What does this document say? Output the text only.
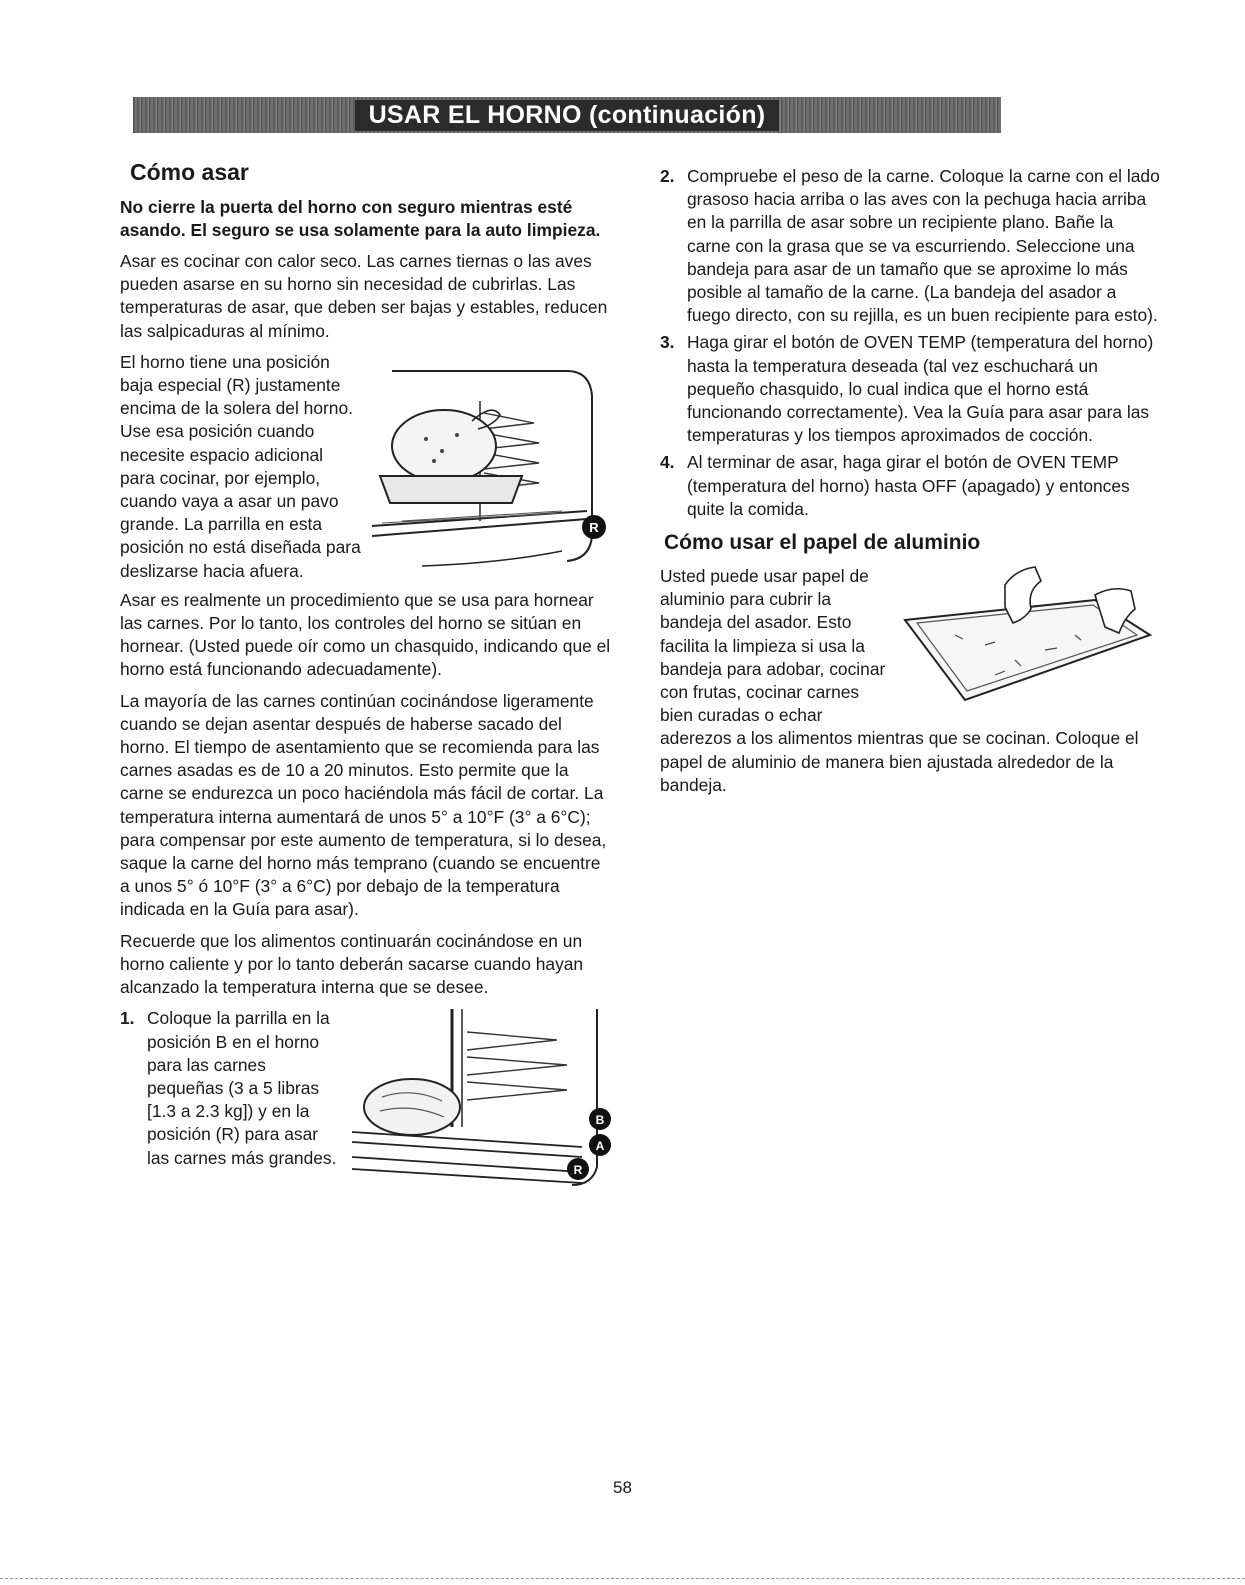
USAR EL HORNO (continuación)
Cómo asar

No cierre la puerta del horno con seguro mientras esté asando. El seguro se usa solamente para la auto limpieza.

Asar es cocinar con calor seco. Las carnes tiernas o las aves pueden asarse en su horno sin necesidad de cubrirlas. Las temperaturas de asar, que deben ser bajas y estables, reducen las salpicaduras al mínimo.

R

El horno tiene una posición baja especial (R) justamente encima de la solera del horno. Use esa posición cuando necesite espacio adicional para cocinar, por ejemplo, cuando vaya a asar un pavo grande. La parrilla en esta posición no está diseñada para deslizarse hacia afuera.

Asar es realmente un procedimiento que se usa para hornear las carnes. Por lo tanto, los controles del horno se sitúan en hornear. (Usted puede oír como un chasquido, indicando que el horno está funcionando adecuadamente).

La mayoría de las carnes continúan cocinándose ligeramente cuando se dejan asentar después de haberse sacado del horno. El tiempo de asentamiento que se recomienda para las carnes asadas es de 10 a 20 minutos. Esto permite que la carne se endurezca un poco haciéndola más fácil de cortar. La temperatura interna aumentará de unos 5° a 10°F (3° a 6°C); para compensar por este aumento de temperatura, si lo desea, saque la carne del horno más temprano (cuando se encuentre a unos 5° ó 10°F (3° a 6°C) por debajo de la temperatura indicada en la Guía para asar).

Recuerde que los alimentos continuarán cocinándose en un horno caliente y por lo tanto deberán sacarse cuando hayan alcanzado la temperatura interna que se desee.

1.
B
A
R

Coloque la parrilla en la posición B en el horno para las carnes pequeñas (3 a 5 libras [1.3 a 2.3 kg]) y en la posición (R) para asar las carnes más grandes.

2. Compruebe el peso de la carne. Coloque la carne con el lado grasoso hacia arriba o las aves con la pechuga hacia arriba en la parrilla de asar sobre un recipiente plano. Bañe la carne con la grasa que se va escurriendo. Seleccione una bandeja para asar de un tamaño que se aproxime lo más posible al tamaño de la carne. (La bandeja del asador a fuego directo, con su rejilla, es un buen recipiente para esto).
3. Haga girar el botón de OVEN TEMP (temperatura del horno) hasta la temperatura deseada (tal vez eschuchará un pequeño chasquido, lo cual indica que el horno está funcionando correctamente). Vea la Guía para asar para las temperaturas y los tiempos aproximados de cocción.
4. Al terminar de asar, haga girar el botón de OVEN TEMP (temperatura del horno) hasta OFF (apagado) y entonces quite la comida.
Cómo usar el papel de aluminio

Usted puede usar papel de aluminio para cubrir la bandeja del asador. Esto facilita la limpieza si usa la bandeja para adobar, cocinar con frutas, cocinar carnes bien curadas o echar aderezos a los alimentos mientras que se cocinan. Coloque el papel de aluminio de manera bien ajustada alrededor de la bandeja.

58
